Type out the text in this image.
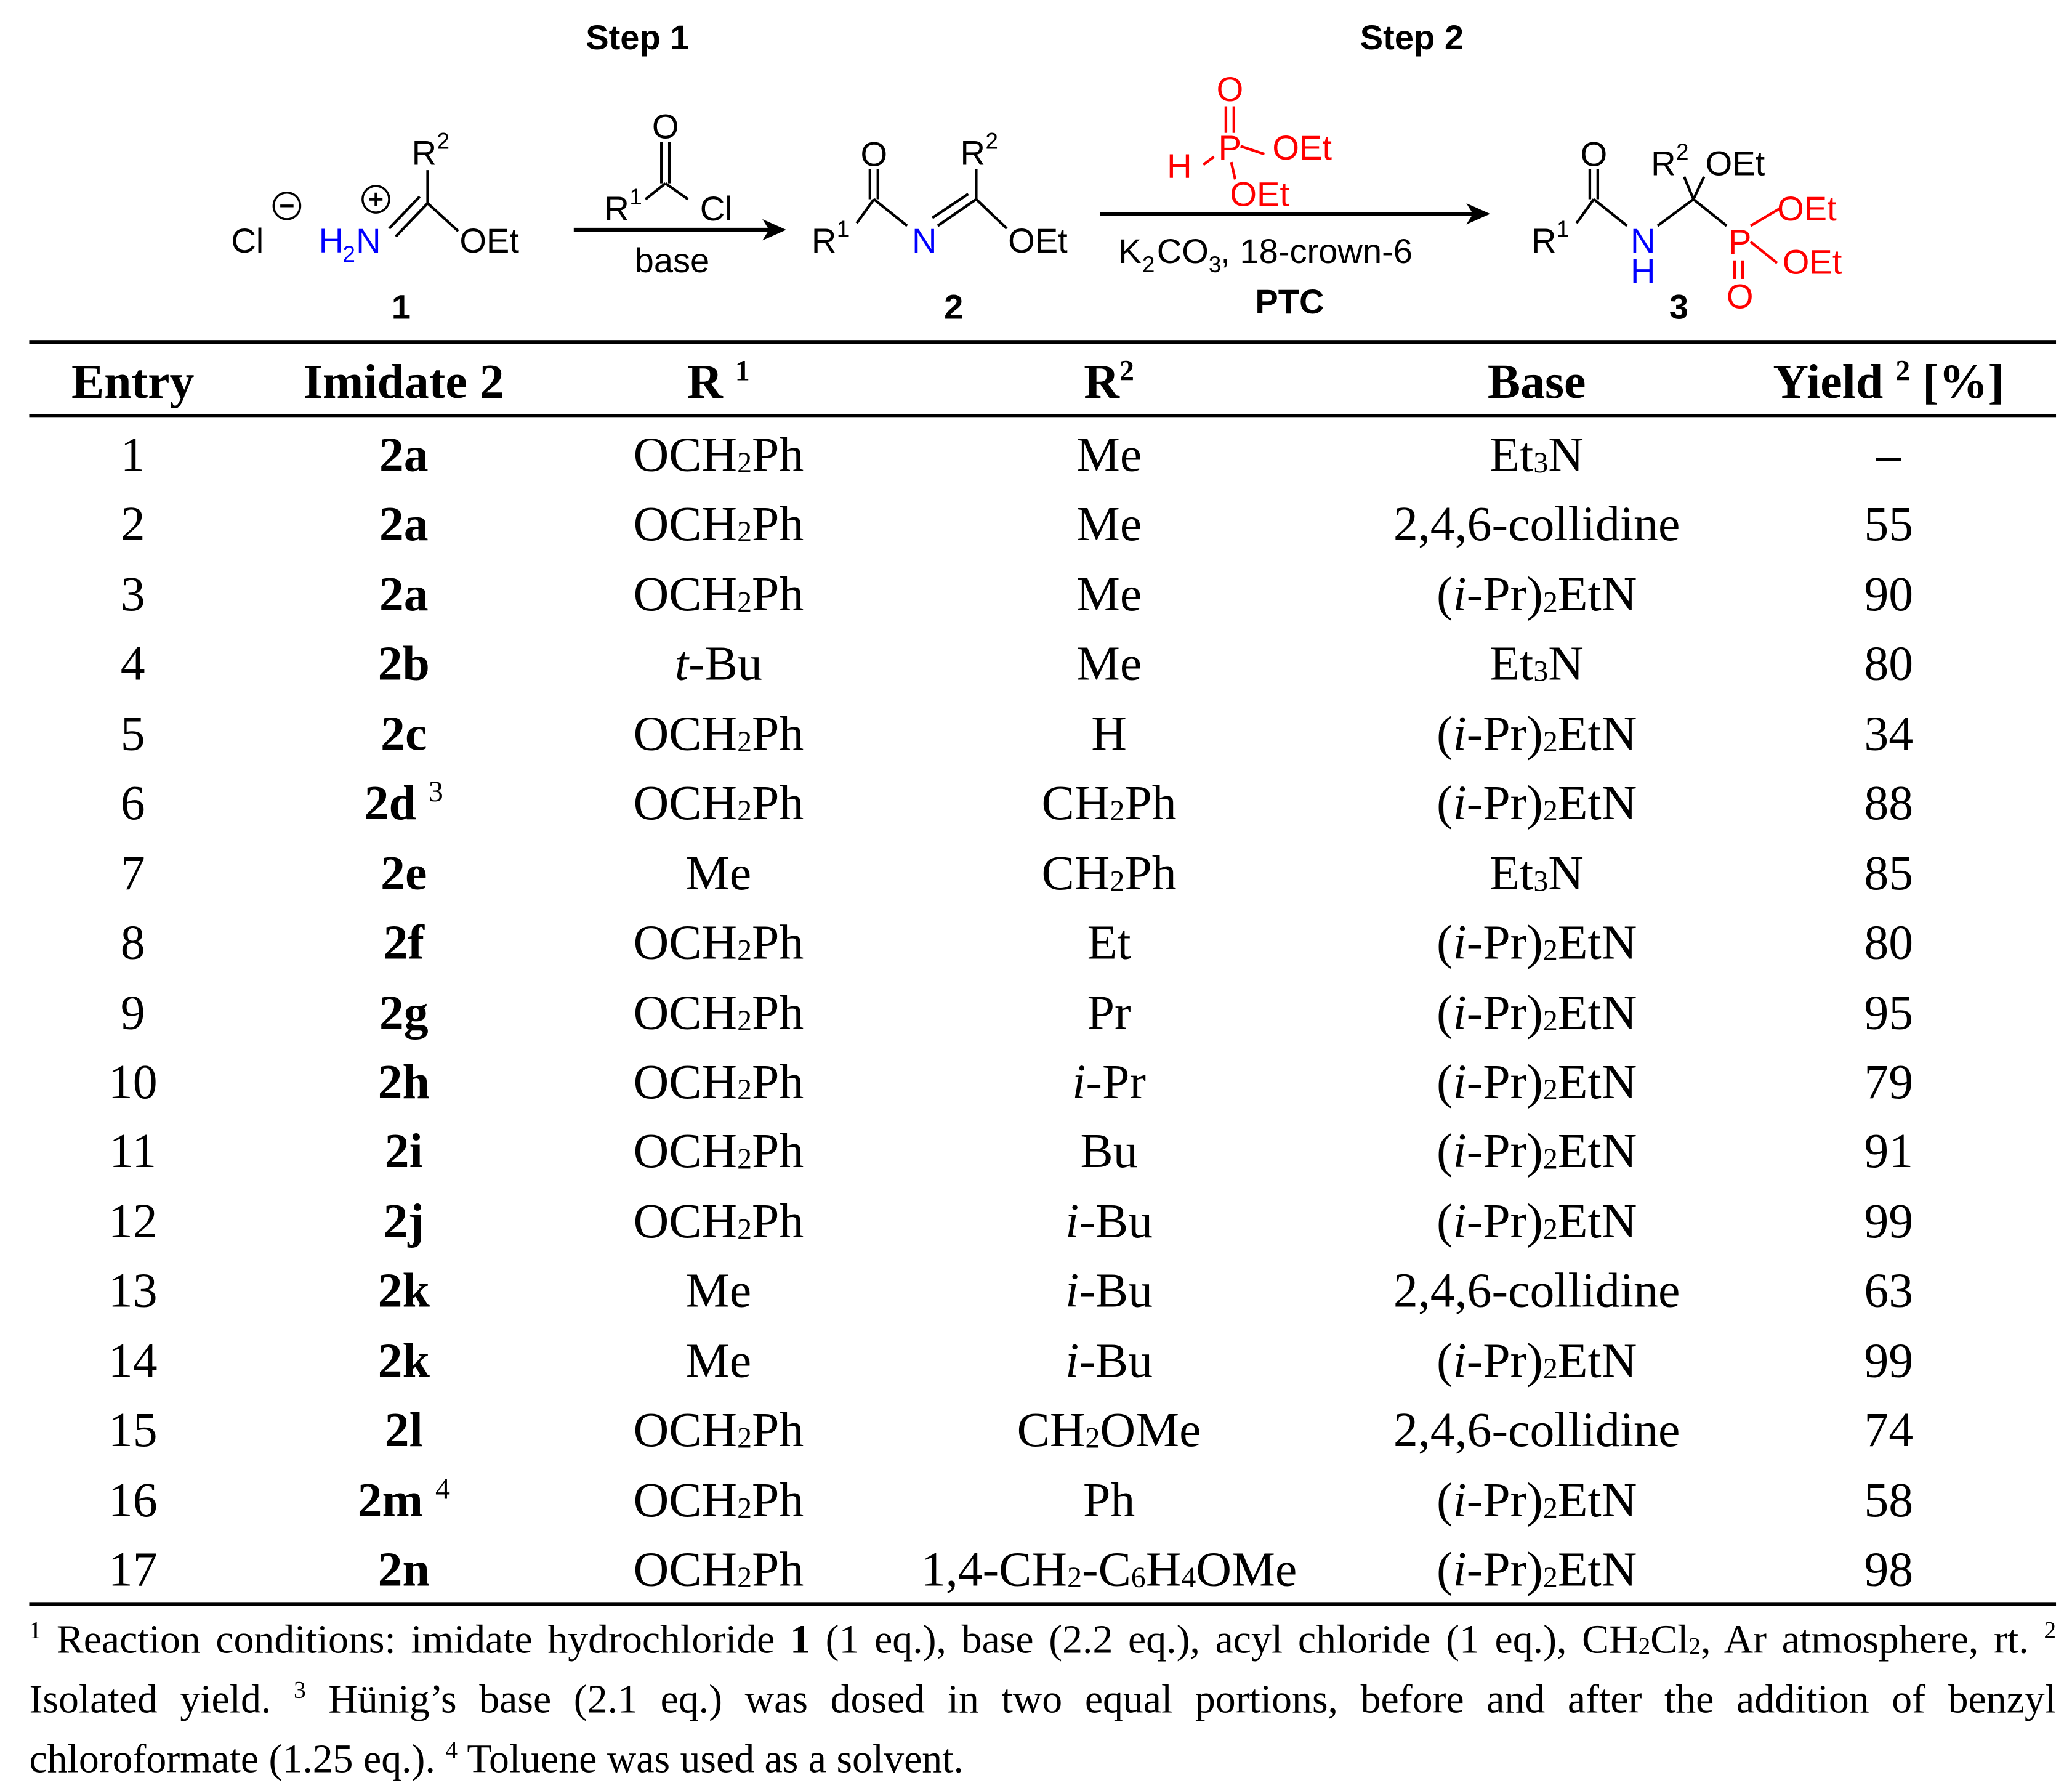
Step 1	Step 2
Cl	H
2 N
R 2
OEt
1
O
R 1	Cl
base
R 1
O
N
R 2
OEt
2
O
P OEt
H
OEt
K 2 CO 3 , 18-crown-6
PTC
R 1
O
N
H
R 2 OEt
P
OEt
OEt
O
3
Entry	Imidate 2	R $^1$	$R^2$	Base	Yield $^2$ [%]
1	2a	$OCH_2Ph$	Me	$Et_3N$	–
2	2a	$OCH_2Ph$	Me	2,4,6-collidine	55
3	2a	$OCH_2Ph$	Me	$(i-Pr)_2EtN$	90
4	2b	t-Bu	Me	$Et_3N$	80
5	2c	$OCH_2Ph$	H	$(i-Pr)_2EtN$	34
6	2d $^3$	$OCH_2Ph$	$CH_2Ph$	$(i-Pr)_2EtN$	88
7	2e	Me	$CH_2Ph$	$Et_3N$	85
8	2f	$OCH_2Ph$	Et	$(i-Pr)_2EtN$	80
9	2g	$OCH_2Ph$	Pr	$(i-Pr)_2EtN$	95
10	2h	$OCH_2Ph$	i-Pr	$(i-Pr)_2EtN$	79
11	2i	$OCH_2Ph$	Bu	$(i-Pr)_2EtN$	91
12	2j	$OCH_2Ph$	i-Bu	$(i-Pr)_2EtN$	99
13	2k	Me	i-Bu	2,4,6-collidine	63
14	2k	Me	i-Bu	$(i-Pr)_2EtN$	99
15	2l	$OCH_2Ph$	$CH_2OMe$	2,4,6-collidine	74
16	2m $^4$	$OCH_2Ph$	Ph	$(i-Pr)_2EtN$	58
17	2n	$OCH_2Ph$	$1,4-CH_2-C_6H_4OMe$	$(i-Pr)_2EtN$	98
$^1$ Reaction conditions: imidate hydrochloride 1 (1 eq.), base (2.2 eq.), acyl chloride (1 eq.), $CH_2Cl_2$, Ar atmosphere, rt. $^2$ Isolated yield. $^3$ Hünig’s base (2.1 eq.) was dosed in two equal portions, before and after the addition of benzyl chloroformate (1.25 eq.). $^4$ Toluene was used as a solvent.
